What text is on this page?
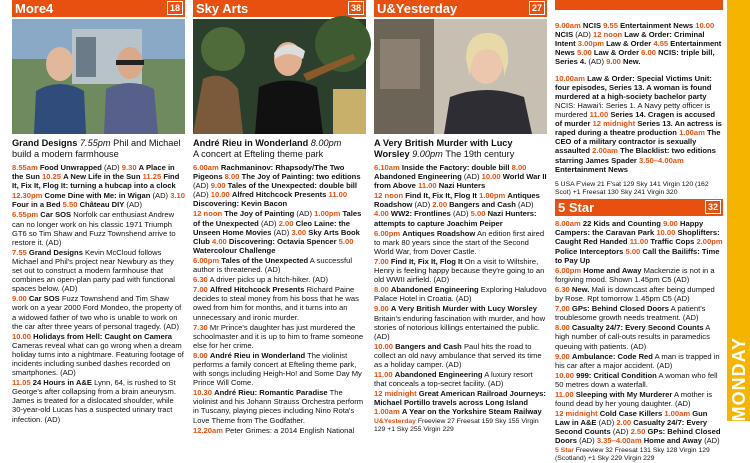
More4	18
Grand Designs 7.55pm Phil and Michael build a modern farmhouse

8.55am Food Unwrapped (AD) 9.30 A Place in the Sun 10.25 A New Life in the Sun 11.25 Find It, Fix It, Flog It: turning a hubcap into a clock

12.30pm Come Dine with Me: in Wigan (AD) 3.10 Four in a Bed 5.50 Château DIY (AD)

6.55pm Car SOS Norfolk car enthusiast Andrew can no longer work on his classic 1971 Triumph GT6 so Tim Shaw and Fuzz Townshend arrive to restore it. (AD)

7.55 Grand Designs Kevin McCloud follows Michael and Phil's project near Newbury as they set out to construct a modern farmhouse that combines an open-plan party pad with functional spaces below. (AD)

9.00 Car SOS Fuzz Townshend and Tim Shaw work on a year 2000 Ford Mondeo, the property of a widowed father of two who is unable to work on the car after three years of personal tragedy. (AD)

10.00 Holidays from Hell: Caught on Camera Cameras reveal what can go wrong when a dream holiday turns into a nightmare. Featuring footage of incidents including sunbed dashes recorded on smartphones. (AD)

11.05 24 Hours in A&E Lynn, 64, is rushed to St George's after collapsing from a brain aneurysm. James is treated for a dislocated shoulder, while 30-year-old Lucas has a suspected urinary tract infection. (AD)

Sky Arts	38
André Rieu in Wonderland 8.00pm
A concert at Efteling theme park

6.00am Rachmaninov: Rhapsody/The Two Pigeons 8.00 The Joy of Painting: two editions (AD) 9.00 Tales of the Unexpected: double bill (AD) 10.00 Alfred Hitchcock Presents 11.00 Discovering: Kevin Bacon

12 noon The Joy of Painting (AD) 1.00pm Tales of the Unexpected (AD) 2.00 Cleo Laine: the Unseen Home Movies (AD) 3.00 Sky Arts Book Club 4.00 Discovering: Octavia Spencer 5.00 Watercolour Challenge

6.00pm Tales of the Unexpected A successful author is threatened. (AD)

6.30 A driver picks up a hitch-hiker. (AD)

7.00 Alfred Hitchcock Presents Richard Paine decides to steal money from his boss that he was owed from him for months, and it turns into an unnecessary and ironic murder.

7.30 Mr Prince's daughter has just murdered the schoolmaster and it is up to him to frame someone else for her crime.

8.00 André Rieu in Wonderland The violinist performs a family concert at Efteling theme park, with songs including Heigh-Ho! and Some Day My Prince Will Come.

10.30 André Rieu: Romantic Paradise The violinist and his Johann Strauss Orchestra perform in Tuscany, playing pieces including Nino Rota's Love Theme from The Godfather.

12.20am Peter Grimes: a 2014 English National

U&Yesterday	27
A Very British Murder with Lucy Worsley 9.00pm The 19th century

6.10am Inside the Factory: double bill 8.00 Abandoned Engineering (AD) 10.00 World War II from Above 11.00 Nazi Hunters

12 noon Find It, Fix It, Flog It 1.00pm Antiques Roadshow (AD) 2.00 Bangers and Cash (AD) 4.00 WW2: Frontlines (AD) 5.00 Nazi Hunters: attempts to capture Joachim Peiper

6.00pm Antiques Roadshow An edition first aired to mark 80 years since the start of the Second World War, from Dover Castle.

7.00 Find It, Fix It, Flog It On a visit to Wiltshire, Henry is feeling happy because they're going to an old WWII airfield. (AD)

8.00 Abandoned Engineering Exploring Haludovo Palace Hotel in Croatia. (AD)

9.00 A Very British Murder with Lucy Worsley Britain's enduring fascination with murder, and how stories of notorious killings entertained the public. (AD)

10.00 Bangers and Cash Paul hits the road to collect an old navy ambulance that served its time as a holiday camper. (AD)

11.00 Abandoned Engineering A luxury resort that conceals a top-secret facility. (AD)

12 midnight Great American Railroad Journeys: Michael Portillo travels across Long Island 1.00am A Year on the Yorkshire Steam Railway

U&Yesterday Freeview 27 Freesat 159 Sky 155 Virgin 129 +1 Sky 255 Virgin 229

9.00am NCIS 9.55 Entertainment News 10.00 NCIS (AD) 12 noon Law & Order: Criminal Intent 3.00pm Law & Order 4.55 Entertainment News 5.00 Law & Order 6.00 NCIS: triple bill, Series 4. (AD) 9.00 New.

10.00am Law & Order: Special Victims Unit: four episodes, Series 13. A woman is found murdered at a high-society bachelor party NCIS: Hawai'i: Series 1. A Navy petty officer is murdered 11.00 Series 14. Cragen is accused of murder 12 midnight Series 13. An actress is raped during a theatre production 1.00am The CEO of a military contractor is sexually assaulted 2.00am The Blacklist: two editions starring James Spader 3.50–4.00am Entertainment News

5 USA F'view 21 F'sat 129 Sky 141 Virgin 120 (162 Scot) +1 Freesat 130 Sky 241 Virgin 320
5 Star	32

8.00am 22 Kids and Counting 9.00 Happy Campers: the Caravan Park 10.00 Shoplifters: Caught Red Handed 11.00 Traffic Cops 2.00pm Police Interceptors 5.00 Call the Bailiffs: Time to Pay Up

6.00pm Home and Away Mackenzie is not in a forgiving mood. Shown 1.45pm C5 (AD)

6.30 New. Mali is downcast after being dumped by Rose. Rpt tomorrow 1.45pm C5 (AD)

7.00 GPs: Behind Closed Doors A patient's troublesome growth needs treatment. (AD)

8.00 Casualty 24/7: Every Second Counts A high number of call-outs results in paramedics queuing with patients. (AD)

9.00 Ambulance: Code Red A man is trapped in his car after a major accident. (AD)

10.00 999: Critical Condition A woman who fell 50 metres down a waterfall.

11.00 Sleeping with My Murderer A mother is found dead by her young daughter. (AD)

12 midnight Cold Case Killers 1.00am Gun Law in A&E (AD) 2.00 Casualty 24/7: Every Second Counts (AD) 2.50 GPs: Behind Closed Doors (AD) 3.35–4.00am Home and Away (AD)

5 Star Freeview 32 Freesat 131 Sky 128 Virgin 129 (Scotland) +1 Sky 229 Virgin 229
MONDAY
